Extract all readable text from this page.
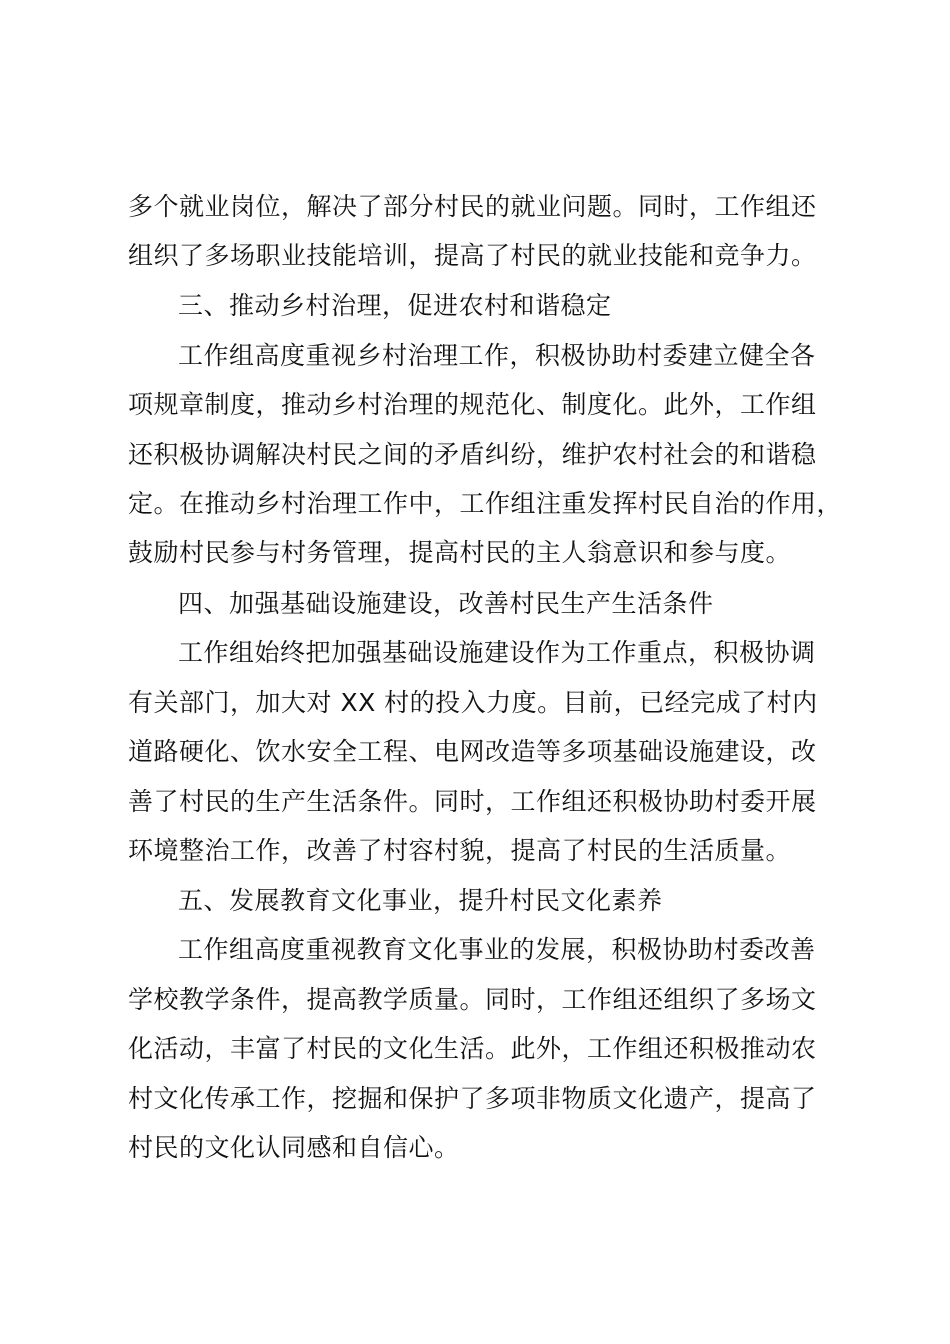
多个就业岗位，解决了部分村民的就业问题。同时，工作组还
组织了多场职业技能培训，提高了村民的就业技能和竞争力。
三、推动乡村治理，促进农村和谐稳定
工作组高度重视乡村治理工作，积极协助村委建立健全各
项规章制度，推动乡村治理的规范化、制度化。此外，工作组
还积极协调解决村民之间的矛盾纠纷，维护农村社会的和谐稳
定。在推动乡村治理工作中，工作组注重发挥村民自治的作用，
鼓励村民参与村务管理，提高村民的主人翁意识和参与度。
四、加强基础设施建设，改善村民生产生活条件
工作组始终把加强基础设施建设作为工作重点，积极协调
有关部门，加大对 XX 村的投入力度。目前，已经完成了村内
道路硬化、饮水安全工程、电网改造等多项基础设施建设，改
善了村民的生产生活条件。同时，工作组还积极协助村委开展
环境整治工作，改善了村容村貌，提高了村民的生活质量。
五、发展教育文化事业，提升村民文化素养
工作组高度重视教育文化事业的发展，积极协助村委改善
学校教学条件，提高教学质量。同时，工作组还组织了多场文
化活动，丰富了村民的文化生活。此外，工作组还积极推动农
村文化传承工作，挖掘和保护了多项非物质文化遗产，提高了
村民的文化认同感和自信心。
